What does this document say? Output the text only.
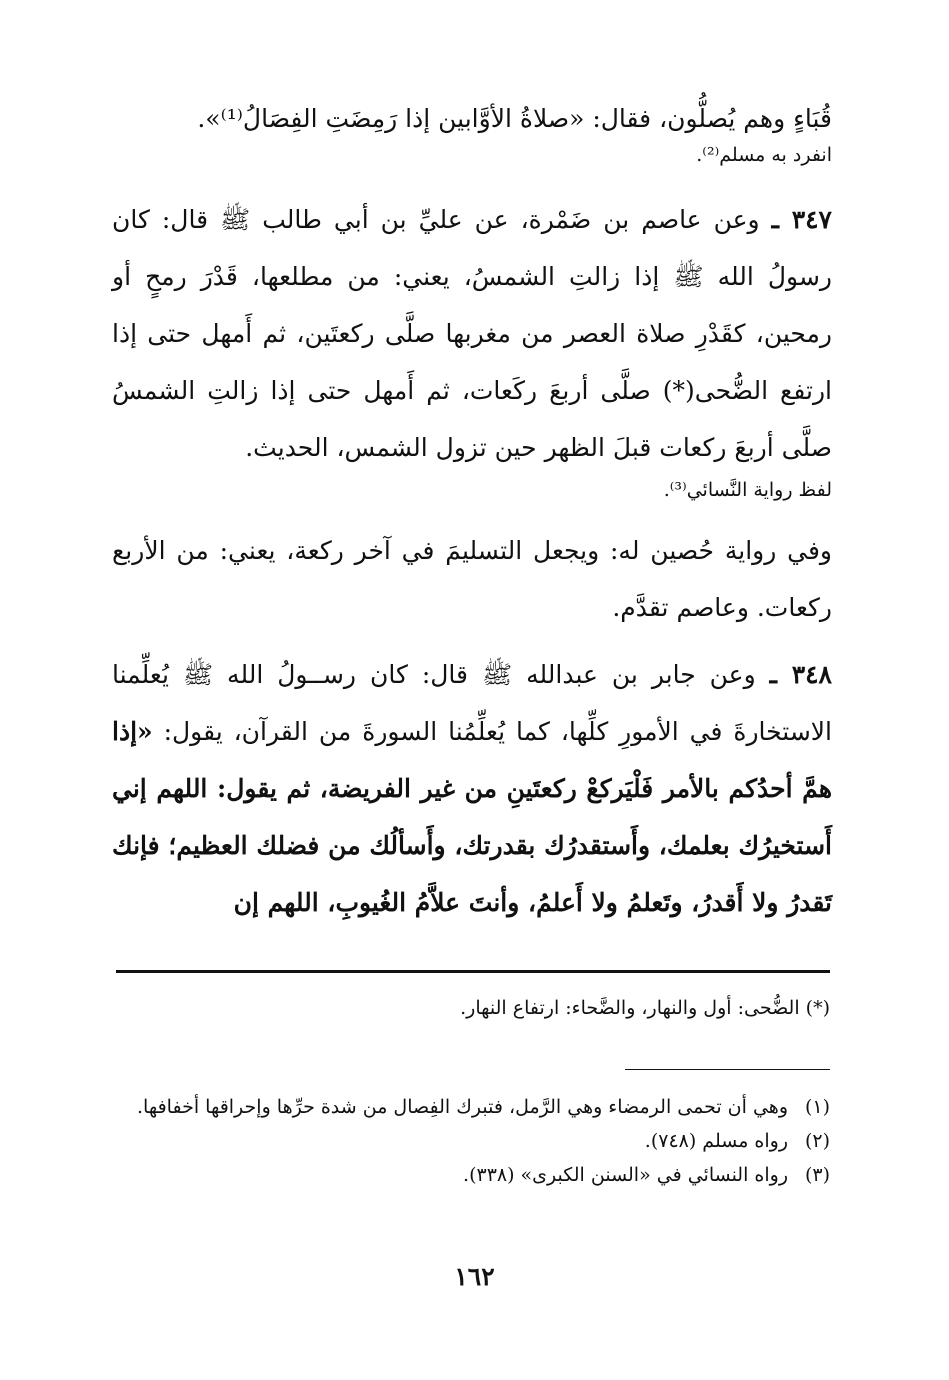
قُبَاءٍ وهم يُصلُّون، فقال: «صلاةُ الأوَّابين إذا رَمِضَتِ الفِصَالُ⁽¹⁾».

انفرد به مسلم⁽²⁾.

٣٤٧ ـ وعن عاصم بن ضَمْرة، عن عليِّ بن أبي طالب ﷺ قال: كان رسولُ الله ﷺ إذا زالتِ الشمسُ، يعني: من مطلعها، قَدْرَ رمحٍ أو رمحين، كقَدْرِ صلاة العصر من مغربها صلَّى ركعتَين، ثم أَمهل حتى إذا ارتفع الضُّحى(*) صلَّى أربعَ ركَعات، ثم أَمهل حتى إذا زالتِ الشمسُ صلَّى أربعَ ركعات قبلَ الظهر حين تزول الشمس، الحديث.

لفظ رواية النَّسائي⁽³⁾.

وفي رواية حُصين له: ويجعل التسليمَ في آخر ركعة، يعني: من الأربع ركعات. وعاصم تقدَّم.

٣٤٨ ـ وعن جابر بن عبدالله ﷺ قال: كان رســولُ الله ﷺ يُعلِّمنا الاستخارةَ في الأمورِ كلِّها، كما يُعلِّمُنا السورةَ من القرآن، يقول: «إذا همَّ أحدُكم بالأمر فَلْيَركعْ ركعتَينِ من غير الفريضة، ثم يقول: اللهم إني أَستخيرُك بعلمك، وأَستقدرُك بقدرتك، وأَسألُك من فضلك العظيم؛ فإنك تَقدرُ ولا أَقدرُ، وتَعلمُ ولا أَعلمُ، وأنتَ علاَّمُ الغُيوبِ، اللهم إن

(*) الضُّحى: أول والنهار، والضَّحاء: ارتفاع النهار.
(١)
وهي أن تحمى الرمضاء وهي الرَّمل، فتبرك الفِصال من شدة حرِّها وإحراقها أخفافها.
(٢)
رواه مسلم (٧٤٨).
(٣)
رواه النسائي في «السنن الكبرى» (٣٣٨).
١٦٢
